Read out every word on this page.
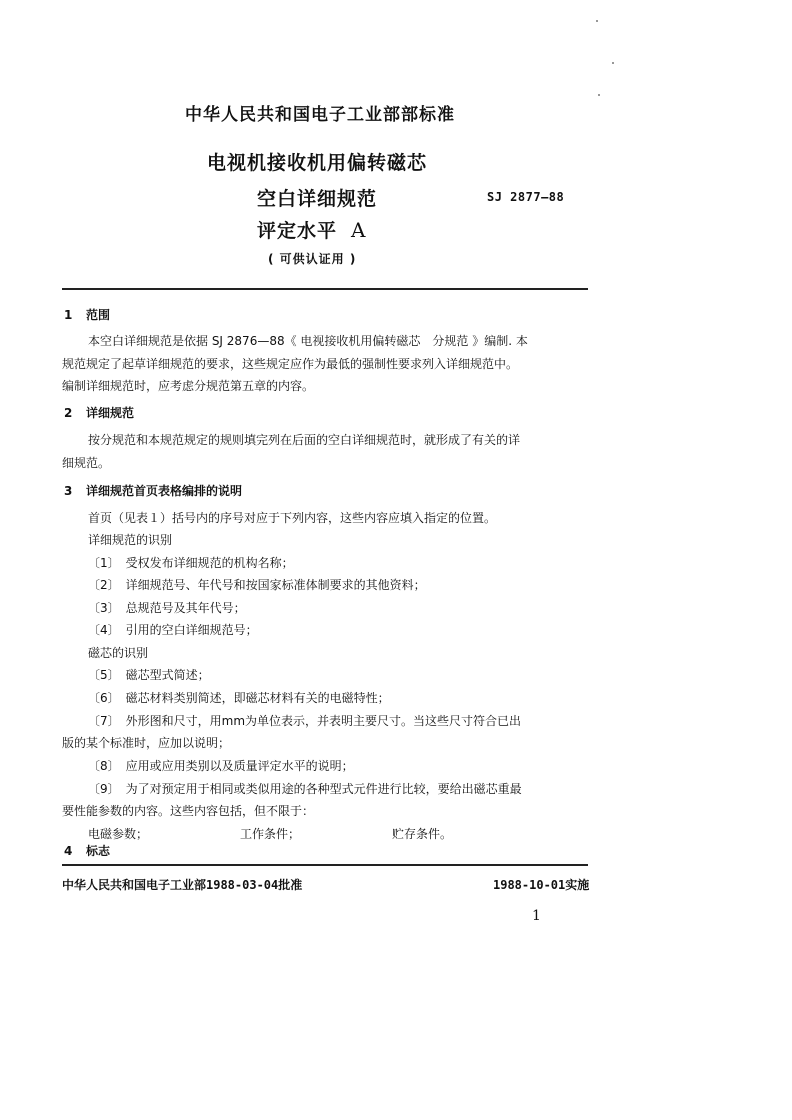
中华人民共和国电子工业部部标准
电视机接收机用偏转磁芯
空白详细规范
评定水平 A
SJ 2877—88
( 可供认证用 )
1 范围
本空白详细规范是依据 SJ 2876—88《 电视接收机用偏转磁芯　分规范 》编制. 本
规范规定了起草详细规范的要求，这些规定应作为最低的强制性要求列入详细规范中。
编制详细规范时，应考虑分规范第五章的内容。
2 详细规范
按分规范和本规范规定的规则填完列在后面的空白详细规范时，就形成了有关的详
细规范。
3 详细规范首页表格编排的说明
首页（见表１）括号内的序号对应于下列内容，这些内容应填入指定的位置。
详细规范的识别
〔1〕　受权发布详细规范的机构名称；
〔2〕　详细规范号、年代号和按国家标准体制要求的其他资料；
〔3〕　总规范号及其年代号；
〔4〕　引用的空白详细规范号；
磁芯的识别
〔5〕　磁芯型式简述；
〔6〕　磁芯材料类别简述，即磁芯材料有关的电磁特性；
〔7〕　外形图和尺寸，用mm为单位表示，并表明主要尺寸。当这些尺寸符合已出
版的某个标准时，应加以说明；
〔8〕　应用或应用类别以及质量评定水平的说明；
〔9〕　为了对预定用于相同或类似用途的各种型式元件进行比较，要给出磁芯重最
要性能参数的内容。这些内容包括，但不限于：
电磁参数；	工作条件；	贮存条件。
4 标志
中华人民共和国电子工业部1988-03-04批准	1988-10-01实施
1
